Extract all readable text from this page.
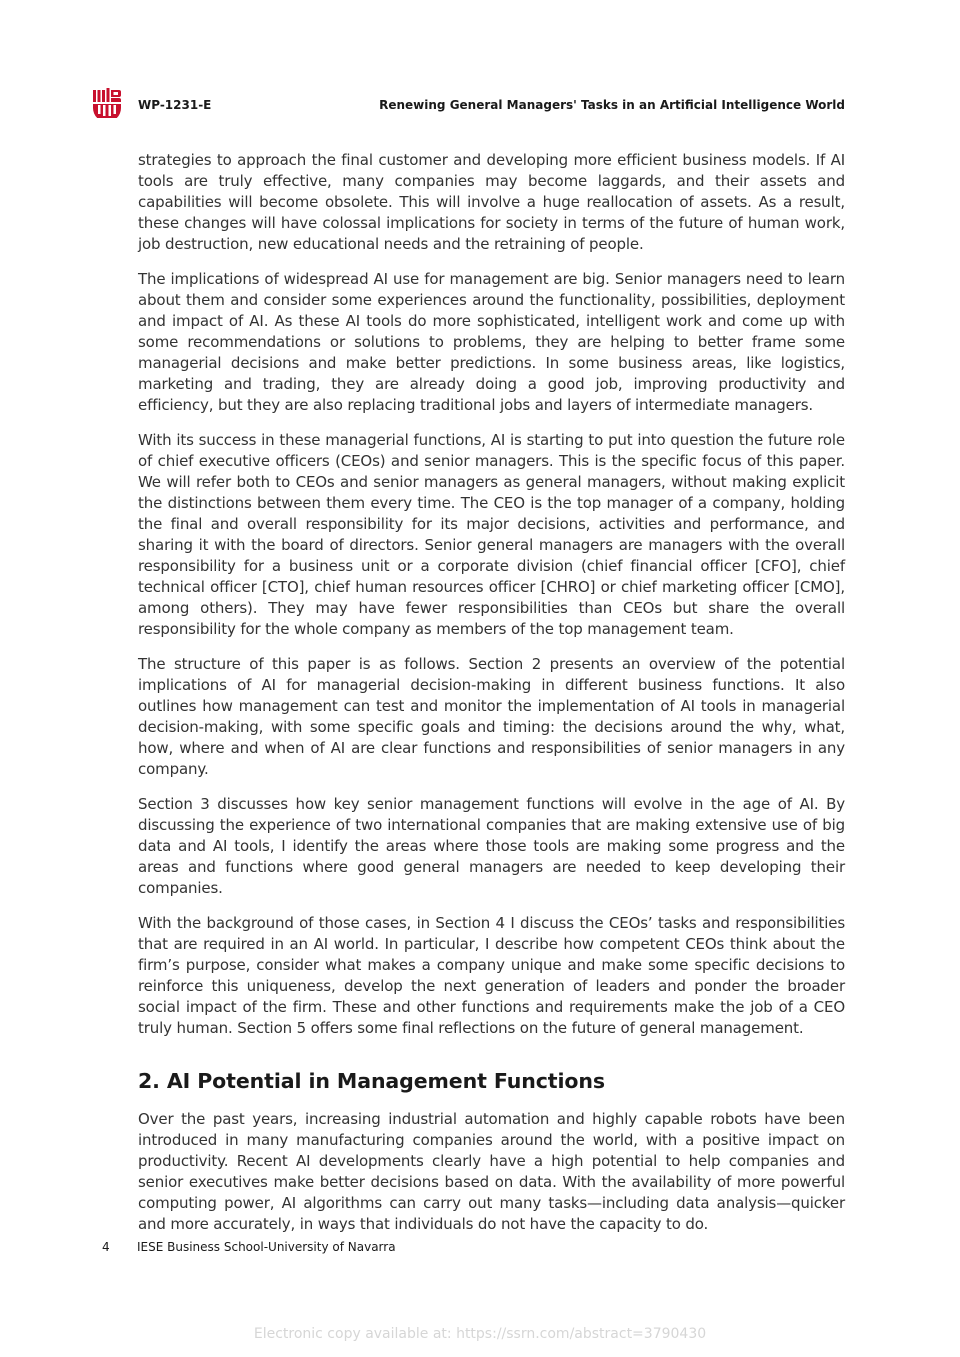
WP-1231-E	Renewing General Managers' Tasks in an Artificial Intelligence World

strategies to approach the final customer and developing more efficient business models. If AI tools are truly effective, many companies may become laggards, and their assets and capabilities will become obsolete. This will involve a huge reallocation of assets. As a result, these changes will have colossal implications for society in terms of the future of human work, job destruction, new educational needs and the retraining of people.

The implications of widespread AI use for management are big. Senior managers need to learn about them and consider some experiences around the functionality, possibilities, deployment and impact of AI. As these AI tools do more sophisticated, intelligent work and come up with some recommendations or solutions to problems, they are helping to better frame some managerial decisions and make better predictions. In some business areas, like logistics, marketing and trading, they are already doing a good job, improving productivity and efficiency, but they are also replacing traditional jobs and layers of intermediate managers.

With its success in these managerial functions, AI is starting to put into question the future role of chief executive officers (CEOs) and senior managers. This is the specific focus of this paper. We will refer both to CEOs and senior managers as general managers, without making explicit the distinctions between them every time. The CEO is the top manager of a company, holding the final and overall responsibility for its major decisions, activities and performance, and sharing it with the board of directors. Senior general managers are managers with the overall responsibility for a business unit or a corporate division (chief financial officer [CFO], chief technical officer [CTO], chief human resources officer [CHRO] or chief marketing officer [CMO], among others). They may have fewer responsibilities than CEOs but share the overall responsibility for the whole company as members of the top management team.

The structure of this paper is as follows. Section 2 presents an overview of the potential implications of AI for managerial decision-making in different business functions. It also outlines how management can test and monitor the implementation of AI tools in managerial decision-making, with some specific goals and timing: the decisions around the why, what, how, where and when of AI are clear functions and responsibilities of senior managers in any company.

Section 3 discusses how key senior management functions will evolve in the age of AI. By discussing the experience of two international companies that are making extensive use of big data and AI tools, I identify the areas where those tools are making some progress and the areas and functions where good general managers are needed to keep developing their companies.

With the background of those cases, in Section 4 I discuss the CEOs’ tasks and responsibilities that are required in an AI world. In particular, I describe how competent CEOs think about the firm’s purpose, consider what makes a company unique and make some specific decisions to reinforce this uniqueness, develop the next generation of leaders and ponder the broader social impact of the firm. These and other functions and requirements make the job of a CEO truly human. Section 5 offers some final reflections on the future of general management.

2. AI Potential in Management Functions

Over the past years, increasing industrial automation and highly capable robots have been introduced in many manufacturing companies around the world, with a positive impact on productivity. Recent AI developments clearly have a high potential to help companies and senior executives make better decisions based on data. With the availability of more powerful computing power, AI algorithms can carry out many tasks—including data analysis—quicker and more accurately, in ways that individuals do not have the capacity to do.

4 IESE Business School-University of Navarra
Electronic copy available at: https://ssrn.com/abstract=3790430
